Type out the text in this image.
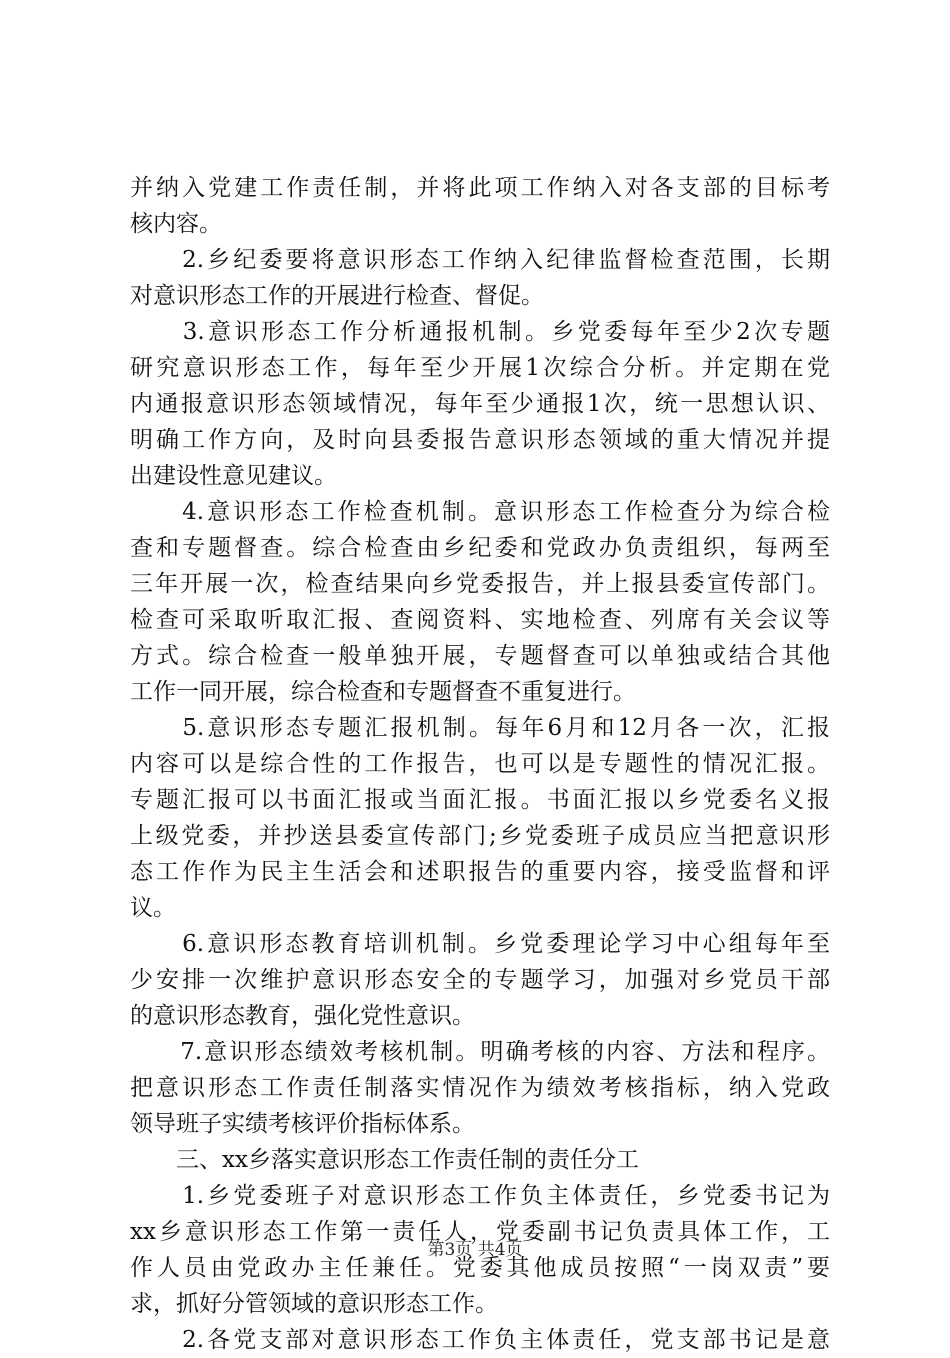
并纳入党建工作责任制，并将此项工作纳入对各支部的目标考
核内容。
　　2.乡纪委要将意识形态工作纳入纪律监督检查范围，长期
对意识形态工作的开展进行检查、督促。
　　3.意识形态工作分析通报机制。乡党委每年至少2次专题
研究意识形态工作，每年至少开展1次综合分析。并定期在党
内通报意识形态领域情况，每年至少通报1次，统一思想认识、
明确工作方向，及时向县委报告意识形态领域的重大情况并提
出建设性意见建议。
　　4.意识形态工作检查机制。意识形态工作检查分为综合检
查和专题督查。综合检查由乡纪委和党政办负责组织，每两至
三年开展一次，检查结果向乡党委报告，并上报县委宣传部门。
检查可采取听取汇报、查阅资料、实地检查、列席有关会议等
方式。综合检查一般单独开展，专题督查可以单独或结合其他
工作一同开展，综合检查和专题督查不重复进行。
　　5.意识形态专题汇报机制。每年6月和12月各一次，汇报
内容可以是综合性的工作报告，也可以是专题性的情况汇报。
专题汇报可以书面汇报或当面汇报。书面汇报以乡党委名义报
上级党委，并抄送县委宣传部门;乡党委班子成员应当把意识形
态工作作为民主生活会和述职报告的重要内容，接受监督和评
议。
　　6.意识形态教育培训机制。乡党委理论学习中心组每年至
少安排一次维护意识形态安全的专题学习，加强对乡党员干部
的意识形态教育，强化党性意识。
　　7.意识形态绩效考核机制。明确考核的内容、方法和程序。
把意识形态工作责任制落实情况作为绩效考核指标，纳入党政
领导班子实绩考核评价指标体系。
　　三、xx乡落实意识形态工作责任制的责任分工
　　1.乡党委班子对意识形态工作负主体责任，乡党委书记为
xx乡意识形态工作第一责任人，党委副书记负责具体工作，工
作人员由党政办主任兼任。党委其他成员按照“一岗双责”要
求，抓好分管领域的意识形态工作。
　　2.各党支部对意识形态工作负主体责任，党支部书记是意
第3页 共4页
